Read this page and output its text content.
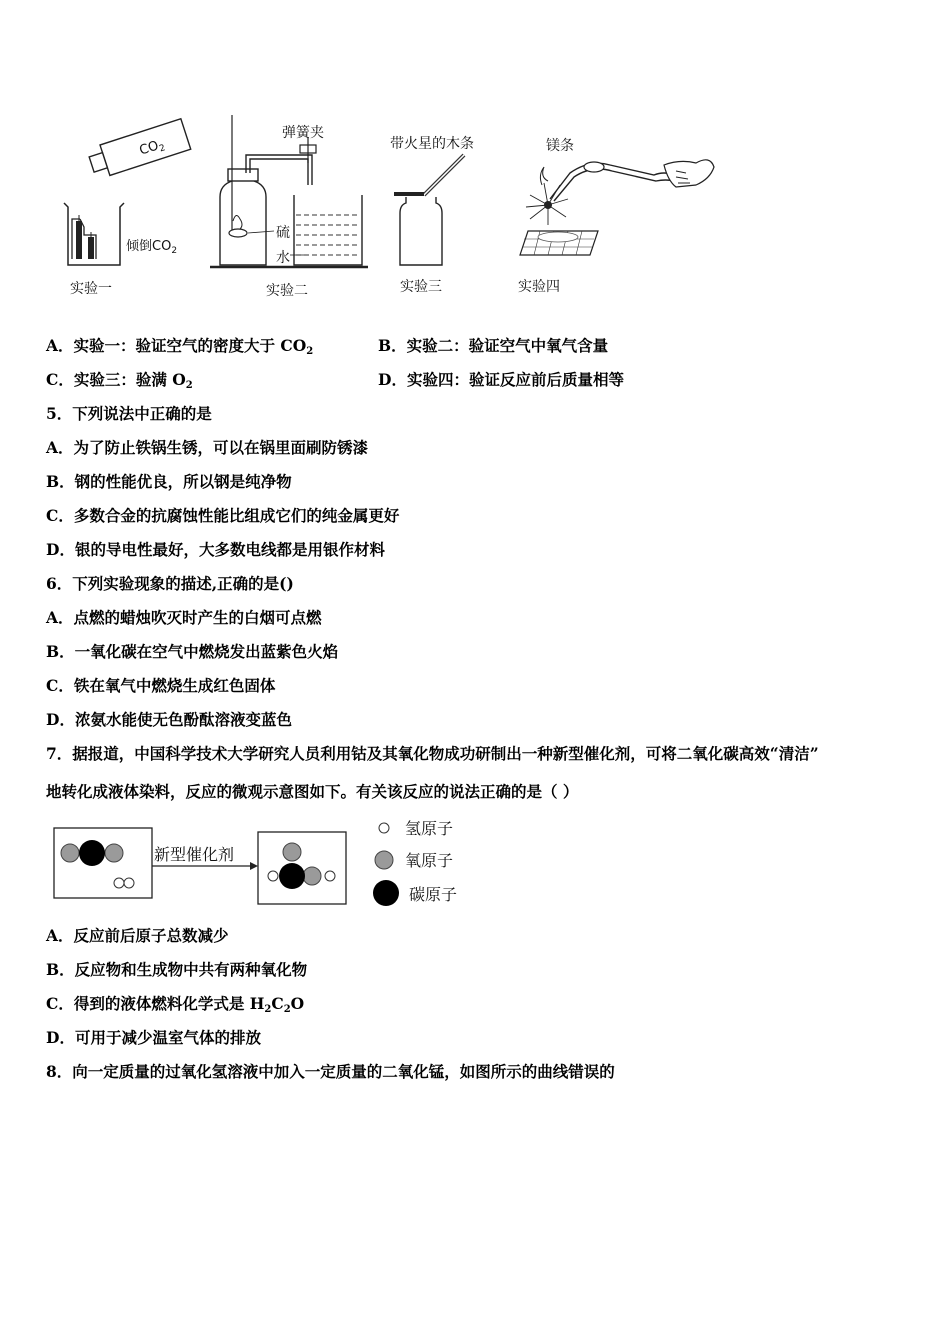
$CO_2$
倾倒$CO_2$
实验一
弹簧夹
硫
水
实验二
带火星的木条
实验三
镁条
实验四
A．实验一：验证空气的密度大于 $CO_2$	B．实验二：验证空气中氧气含量
C．实验三：验满 $O_2$	D．实验四：验证反应前后质量相等
5．下列说法中正确的是
A．为了防止铁锅生锈，可以在锅里面刷防锈漆
B．钢的性能优良，所以钢是纯净物
C．多数合金的抗腐蚀性能比组成它们的纯金属更好
D．银的导电性最好，大多数电线都是用银作材料
6．下列实验现象的描述,正确的是()
A．点燃的蜡烛吹灭时产生的白烟可点燃
B．一氧化碳在空气中燃烧发出蓝紫色火焰
C．铁在氧气中燃烧生成红色固体
D．浓氨水能使无色酚酞溶液变蓝色
7．据报道，中国科学技术大学研究人员利用钴及其氧化物成功研制出一种新型催化剂，可将二氧化碳高效“清洁”
地转化成液体染料，反应的微观示意图如下。有关该反应的说法正确的是（ ）
新型催化剂
氢原子
氧原子
碳原子
A．反应前后原子总数减少
B．反应物和生成物中共有两种氧化物
C．得到的液体燃料化学式是 $H_2C_2O$
D．可用于减少温室气体的排放
8．向一定质量的过氧化氢溶液中加入一定质量的二氧化锰，如图所示的曲线错误的
